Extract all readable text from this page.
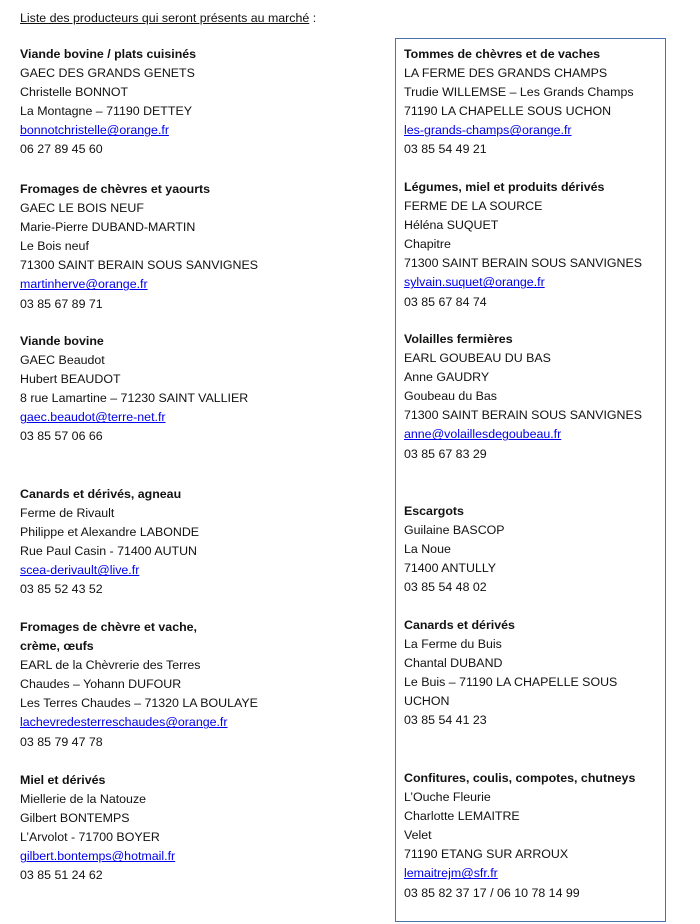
Liste des producteurs qui seront présents au marché :
Viande bovine / plats cuisinés
GAEC DES GRANDS GENETS
Christelle BONNOT
La Montagne – 71190 DETTEY
bonnotchristelle@orange.fr
06 27 89 45 60
Fromages de chèvres et yaourts
GAEC LE BOIS NEUF
Marie-Pierre DUBAND-MARTIN
Le Bois neuf
71300 SAINT BERAIN SOUS SANVIGNES
martinherve@orange.fr
03 85 67 89 71
Viande bovine
GAEC Beaudot
Hubert BEAUDOT
8 rue Lamartine – 71230 SAINT VALLIER
gaec.beaudot@terre-net.fr
03 85 57 06 66
Canards et dérivés, agneau
Ferme de Rivault
Philippe et Alexandre LABONDE
Rue Paul Casin - 71400 AUTUN
scea-derivault@live.fr
03 85 52 43 52
Fromages de chèvre et vache,
crème, œufs
EARL de la Chèvrerie des Terres
Chaudes – Yohann DUFOUR
Les Terres Chaudes – 71320 LA BOULAYE
lachevredesterreschaudes@orange.fr
03 85 79 47 78
Miel et dérivés
Miellerie de la Natouze
Gilbert BONTEMPS
L’Arvolot - 71700 BOYER
gilbert.bontemps@hotmail.fr
03 85 51 24 62
Tommes de chèvres et de vaches
LA FERME DES GRANDS CHAMPS
Trudie WILLEMSE – Les Grands Champs
71190 LA CHAPELLE SOUS UCHON
les-grands-champs@orange.fr
03 85 54 49 21
Légumes, miel et produits dérivés
FERME DE LA SOURCE
Héléna SUQUET
Chapitre
71300 SAINT BERAIN SOUS SANVIGNES
sylvain.suquet@orange.fr
03 85 67 84 74
Volailles fermières
EARL GOUBEAU DU BAS
Anne GAUDRY
Goubeau du Bas
71300 SAINT BERAIN SOUS SANVIGNES
anne@volaillesdegoubeau.fr
03 85 67 83 29
Escargots
Guilaine BASCOP
La Noue
71400 ANTULLY
03 85 54 48 02
Canards et dérivés
La Ferme du Buis
Chantal DUBAND
Le Buis – 71190 LA CHAPELLE SOUS
UCHON
03 85 54 41 23
Confitures, coulis, compotes, chutneys
L’Ouche Fleurie
Charlotte LEMAITRE
Velet
71190 ETANG SUR ARROUX
lemaitrejm@sfr.fr
03 85 82 37 17 / 06 10 78 14 99
